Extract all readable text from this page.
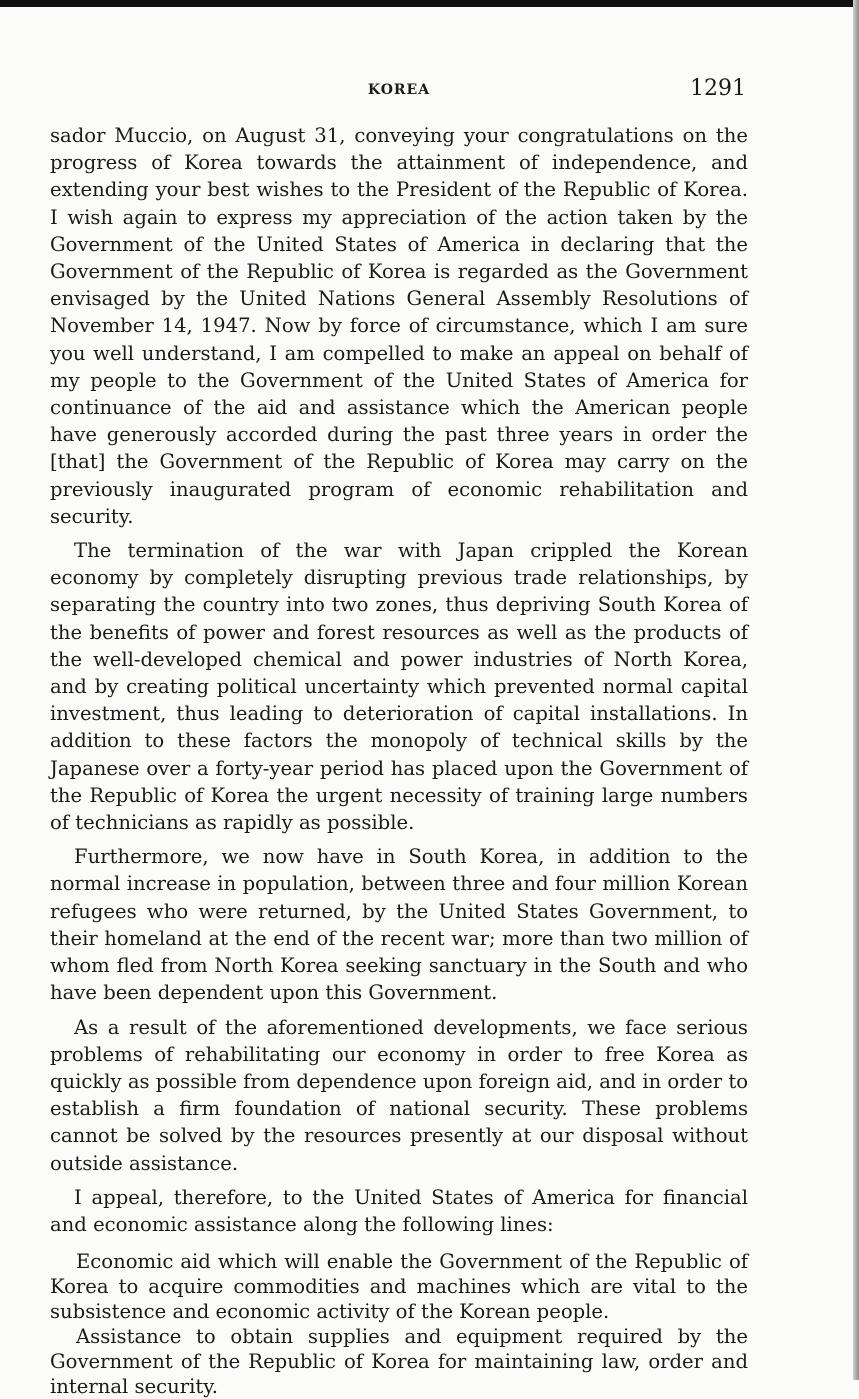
KOREA	1291

sador Muccio, on August 31, conveying your congratulations on the progress of Korea towards the attainment of independence, and extending your best wishes to the President of the Republic of Korea. I wish again to express my appreciation of the action taken by the Government of the United States of America in declaring that the Government of the Republic of Korea is regarded as the Government envisaged by the United Nations General Assembly Resolutions of November 14, 1947. Now by force of circumstance, which I am sure you well understand, I am compelled to make an appeal on behalf of my people to the Government of the United States of America for continuance of the aid and assistance which the American people have generously accorded during the past three years in order the [that] the Government of the Republic of Korea may carry on the previously inaugurated program of economic rehabilitation and security.

The termination of the war with Japan crippled the Korean economy by completely disrupting previous trade relationships, by separating the country into two zones, thus depriving South Korea of the benefits of power and forest resources as well as the products of the well-developed chemical and power industries of North Korea, and by creating political uncertainty which prevented normal capital investment, thus leading to deterioration of capital installations. In addition to these factors the monopoly of technical skills by the Japanese over a forty-year period has placed upon the Government of the Republic of Korea the urgent necessity of training large numbers of technicians as rapidly as possible.

Furthermore, we now have in South Korea, in addition to the normal increase in population, between three and four million Korean refugees who were returned, by the United States Government, to their homeland at the end of the recent war; more than two million of whom fled from North Korea seeking sanctuary in the South and who have been dependent upon this Government.

As a result of the aforementioned developments, we face serious problems of rehabilitating our economy in order to free Korea as quickly as possible from dependence upon foreign aid, and in order to establish a firm foundation of national security. These problems cannot be solved by the resources presently at our disposal without outside assistance.

I appeal, therefore, to the United States of America for financial and economic assistance along the following lines:

Economic aid which will enable the Government of the Republic of Korea to acquire commodities and machines which are vital to the subsistence and economic activity of the Korean people.

Assistance to obtain supplies and equipment required by the Government of the Republic of Korea for maintaining law, order and internal security.
